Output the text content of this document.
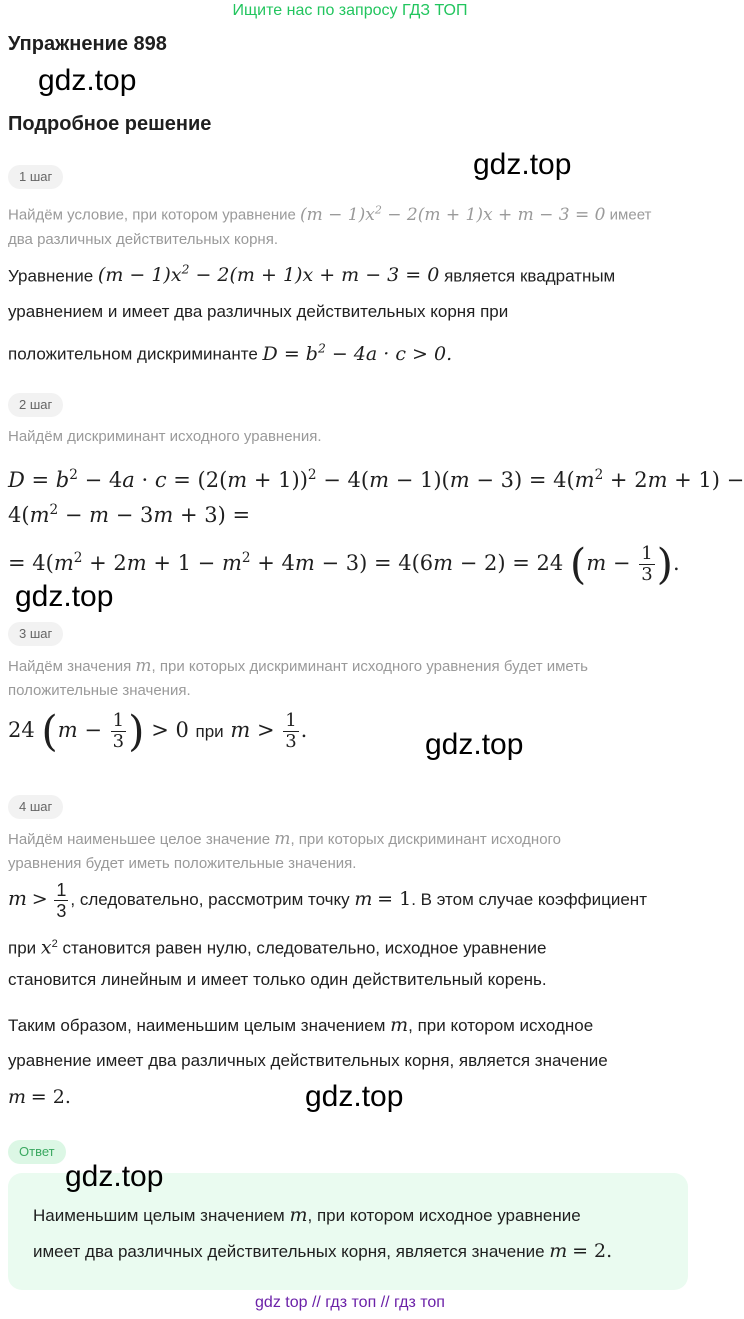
Ищите нас по запросу ГДЗ ТОП
Упражнение 898
gdz.top
Подробное решение
gdz.top
1 шаг
Найдём условие, при котором уравнение $(m - 1)x^2 - 2(m + 1)x + m - 3 = 0$ имеет
два различных действительных корня.
Уравнение $(m - 1)x^2 - 2(m + 1)x + m - 3 = 0$ является квадратным
уравнением и имеет два различных действительных корня при
положительном дискриминанте $D = b^2 - 4a \cdot c > 0$.
2 шаг
Найдём дискриминант исходного уравнения.
$D = b^2 - 4a \cdot c = (2(m + 1))^2 - 4(m - 1)(m - 3) = 4(m^2 + 2m + 1)$ −
$4(m^2 - m - 3m + 3)$ =
= $4(m^2 + 2m + 1 - m^2 + 4m - 3) = 4(6m - 2) = 24$ ($m - \frac{1}{3}$ ).
gdz.top
3 шаг
Найдём значения m, при которых дискриминант исходного уравнения будет иметь
положительные значения.
24 ($m - \frac{1}{3}$ ) > 0 при $m > \frac{1}{3}$ .	gdz.top
4 шаг
Найдём наименьшее целое значение m, при которых дискриминант исходного
уравнения будет иметь положительные значения.
$m > \frac{1}{3}$ , следовательно, рассмотрим точку m = 1. В этом случае коэффициент
при $x^2$ становится равен нулю, следовательно, исходное уравнение
становится линейным и имеет только один действительный корень.
Таким образом, наименьшим целым значением m, при котором исходное
уравнение имеет два различных действительных корня, является значение
m = 2.	gdz.top
Ответ
gdz.top
Наименьшим целым значением m, при котором исходное уравнение
имеет два различных действительных корня, является значение m = 2.
gdz top // гдз топ // гдз топ
